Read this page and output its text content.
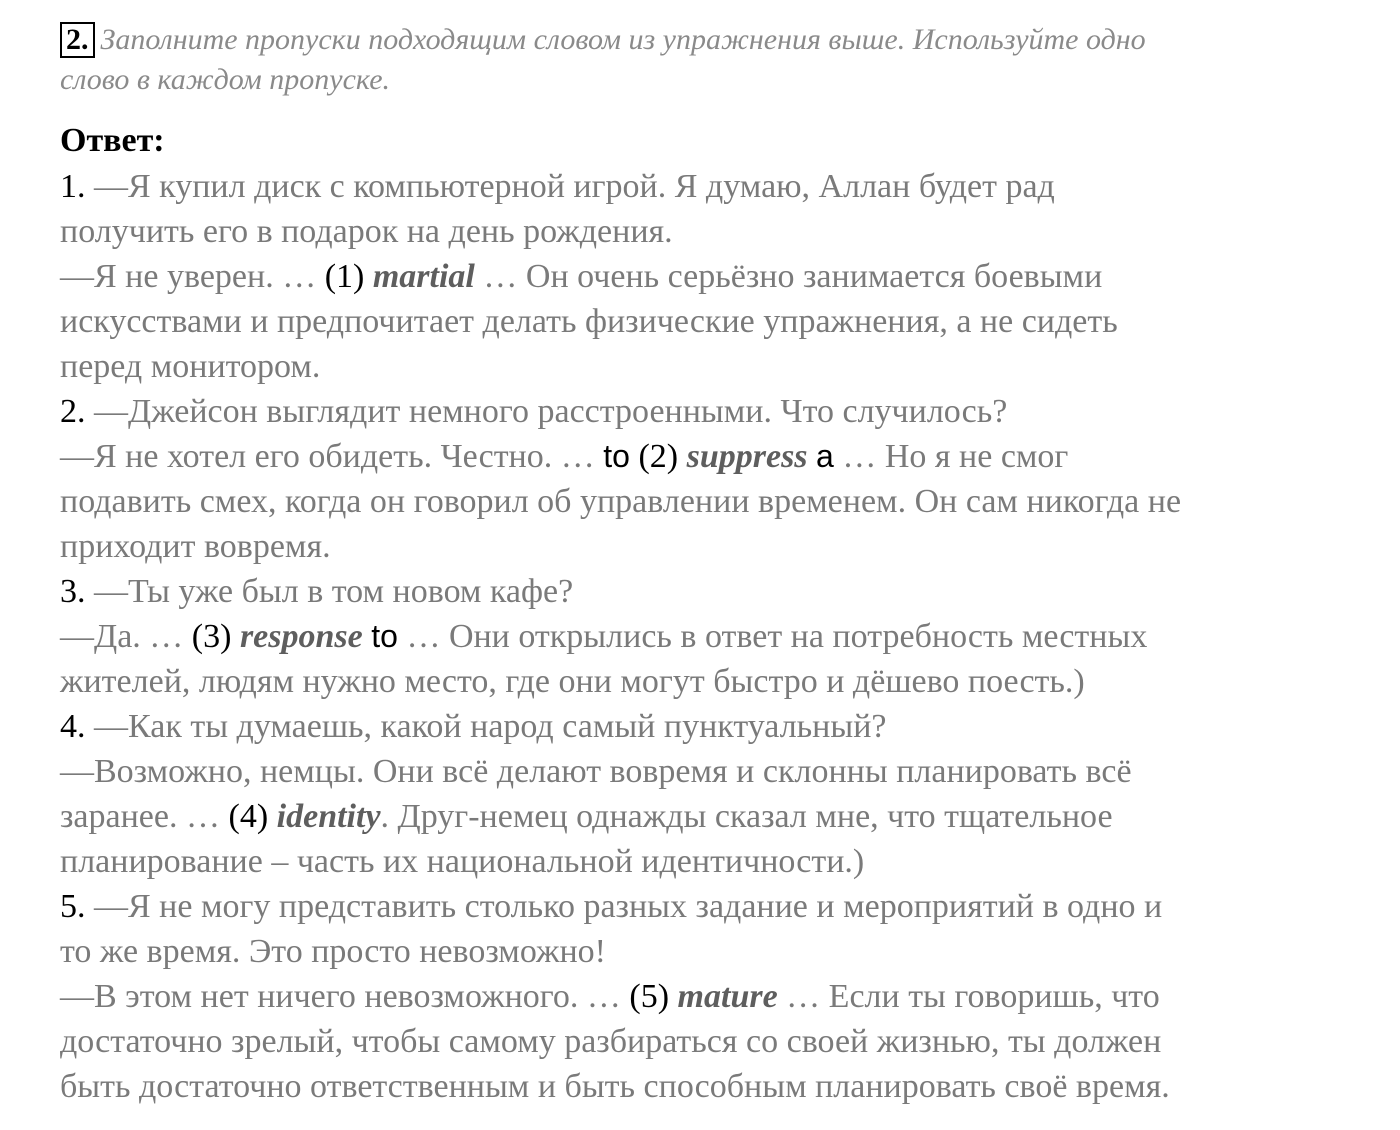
2. Заполните пропуски подходящим словом из упражнения выше. Используйте одно
слово в каждом пропуске.

Ответ:

1. —Я купил диск с компьютерной игрой. Я думаю, Аллан будет рад
получить его в подарок на день рождения.
—Я не уверен. … (1) martial … Он очень серьёзно занимается боевыми
искусствами и предпочитает делать физические упражнения, а не сидеть
перед монитором.
2. —Джейсон выглядит немного расстроенными. Что случилось?
—Я не хотел его обидеть. Честно. … to (2) suppress a … Но я не смог
подавить смех, когда он говорил об управлении временем. Он сам никогда не
приходит вовремя.
3. —Ты уже был в том новом кафе?
—Да. … (3) response to … Они открылись в ответ на потребность местных
жителей, людям нужно место, где они могут быстро и дёшево поесть.)
4. —Как ты думаешь, какой народ самый пунктуальный?
—Возможно, немцы. Они всё делают вовремя и склонны планировать всё
заранее. … (4) identity. Друг-немец однажды сказал мне, что тщательное
планирование – часть их национальной идентичности.)
5. —Я не могу представить столько разных задание и мероприятий в одно и
то же время. Это просто невозможно!
—В этом нет ничего невозможного. … (5) mature … Если ты говоришь, что
достаточно зрелый, чтобы самому разбираться со своей жизнью, ты должен
быть достаточно ответственным и быть способным планировать своё время.
